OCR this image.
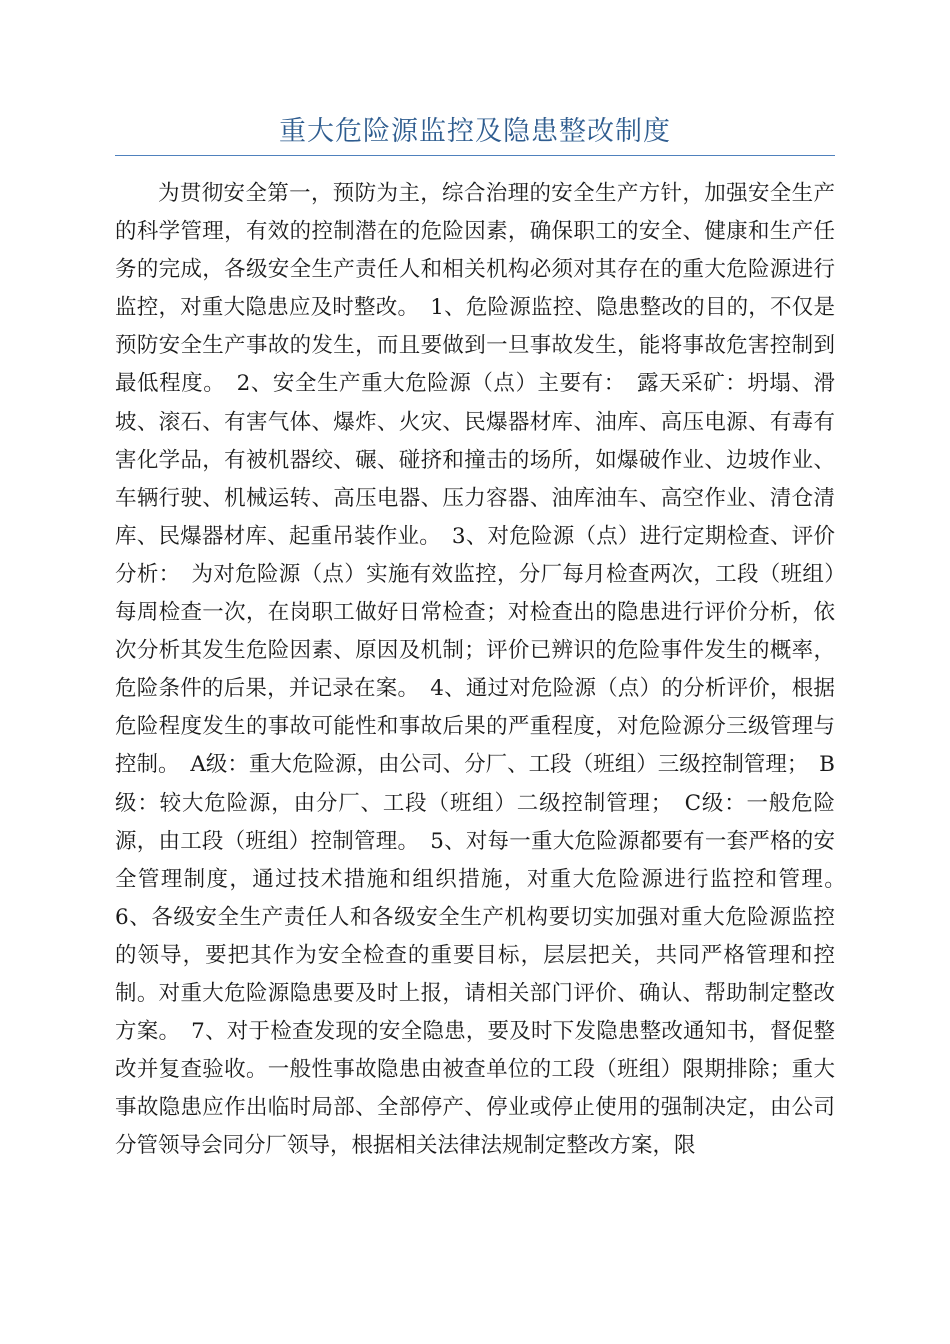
重大危险源监控及隐患整改制度

为贯彻安全第一，预防为主，综合治理的安全生产方针，加强安全生产的科学管理，有效的控制潜在的危险因素，确保职工的安全、健康和生产任务的完成，各级安全生产责任人和相关机构必须对其存在的重大危险源进行监控，对重大隐患应及时整改。　1、危险源监控、隐患整改的目的，不仅是预防安全生产事故的发生，而且要做到一旦事故发生，能将事故危害控制到最低程度。　2、安全生产重大危险源（点）主要有：　露天采矿：坍塌、滑坡、滚石、有害气体、爆炸、火灾、民爆器材库、油库、高压电源、有毒有害化学品，有被机器绞、碾、碰挤和撞击的场所，如爆破作业、边坡作业、车辆行驶、机械运转、高压电器、压力容器、油库油车、高空作业、清仓清库、民爆器材库、起重吊装作业。　3、对危险源（点）进行定期检查、评价分析：　为对危险源（点）实施有效监控，分厂每月检查两次，工段（班组）每周检查一次，在岗职工做好日常检查；对检查出的隐患进行评价分析，依次分析其发生危险因素、原因及机制；评价已辨识的危险事件发生的概率，危险条件的后果，并记录在案。　4、通过对危险源（点）的分析评价，根据危险程度发生的事故可能性和事故后果的严重程度，对危险源分三级管理与控制。　A级：重大危险源，由公司、分厂、工段（班组）三级控制管理；　B级：较大危险源，由分厂、工段（班组）二级控制管理；　C级：一般危险源，由工段（班组）控制管理。　5、对每一重大危险源都要有一套严格的安全管理制度，通过技术措施和组织措施，对重大危险源进行监控和管理。　6、各级安全生产责任人和各级安全生产机构要切实加强对重大危险源监控的领导，要把其作为安全检查的重要目标，层层把关，共同严格管理和控制。对重大危险源隐患要及时上报，请相关部门评价、确认、帮助制定整改方案。　7、对于检查发现的安全隐患，要及时下发隐患整改通知书，督促整改并复查验收。一般性事故隐患由被查单位的工段（班组）限期排除；重大事故隐患应作出临时局部、全部停产、停业或停止使用的强制决定，由公司分管领导会同分厂领导，根据相关法律法规制定整改方案，限
